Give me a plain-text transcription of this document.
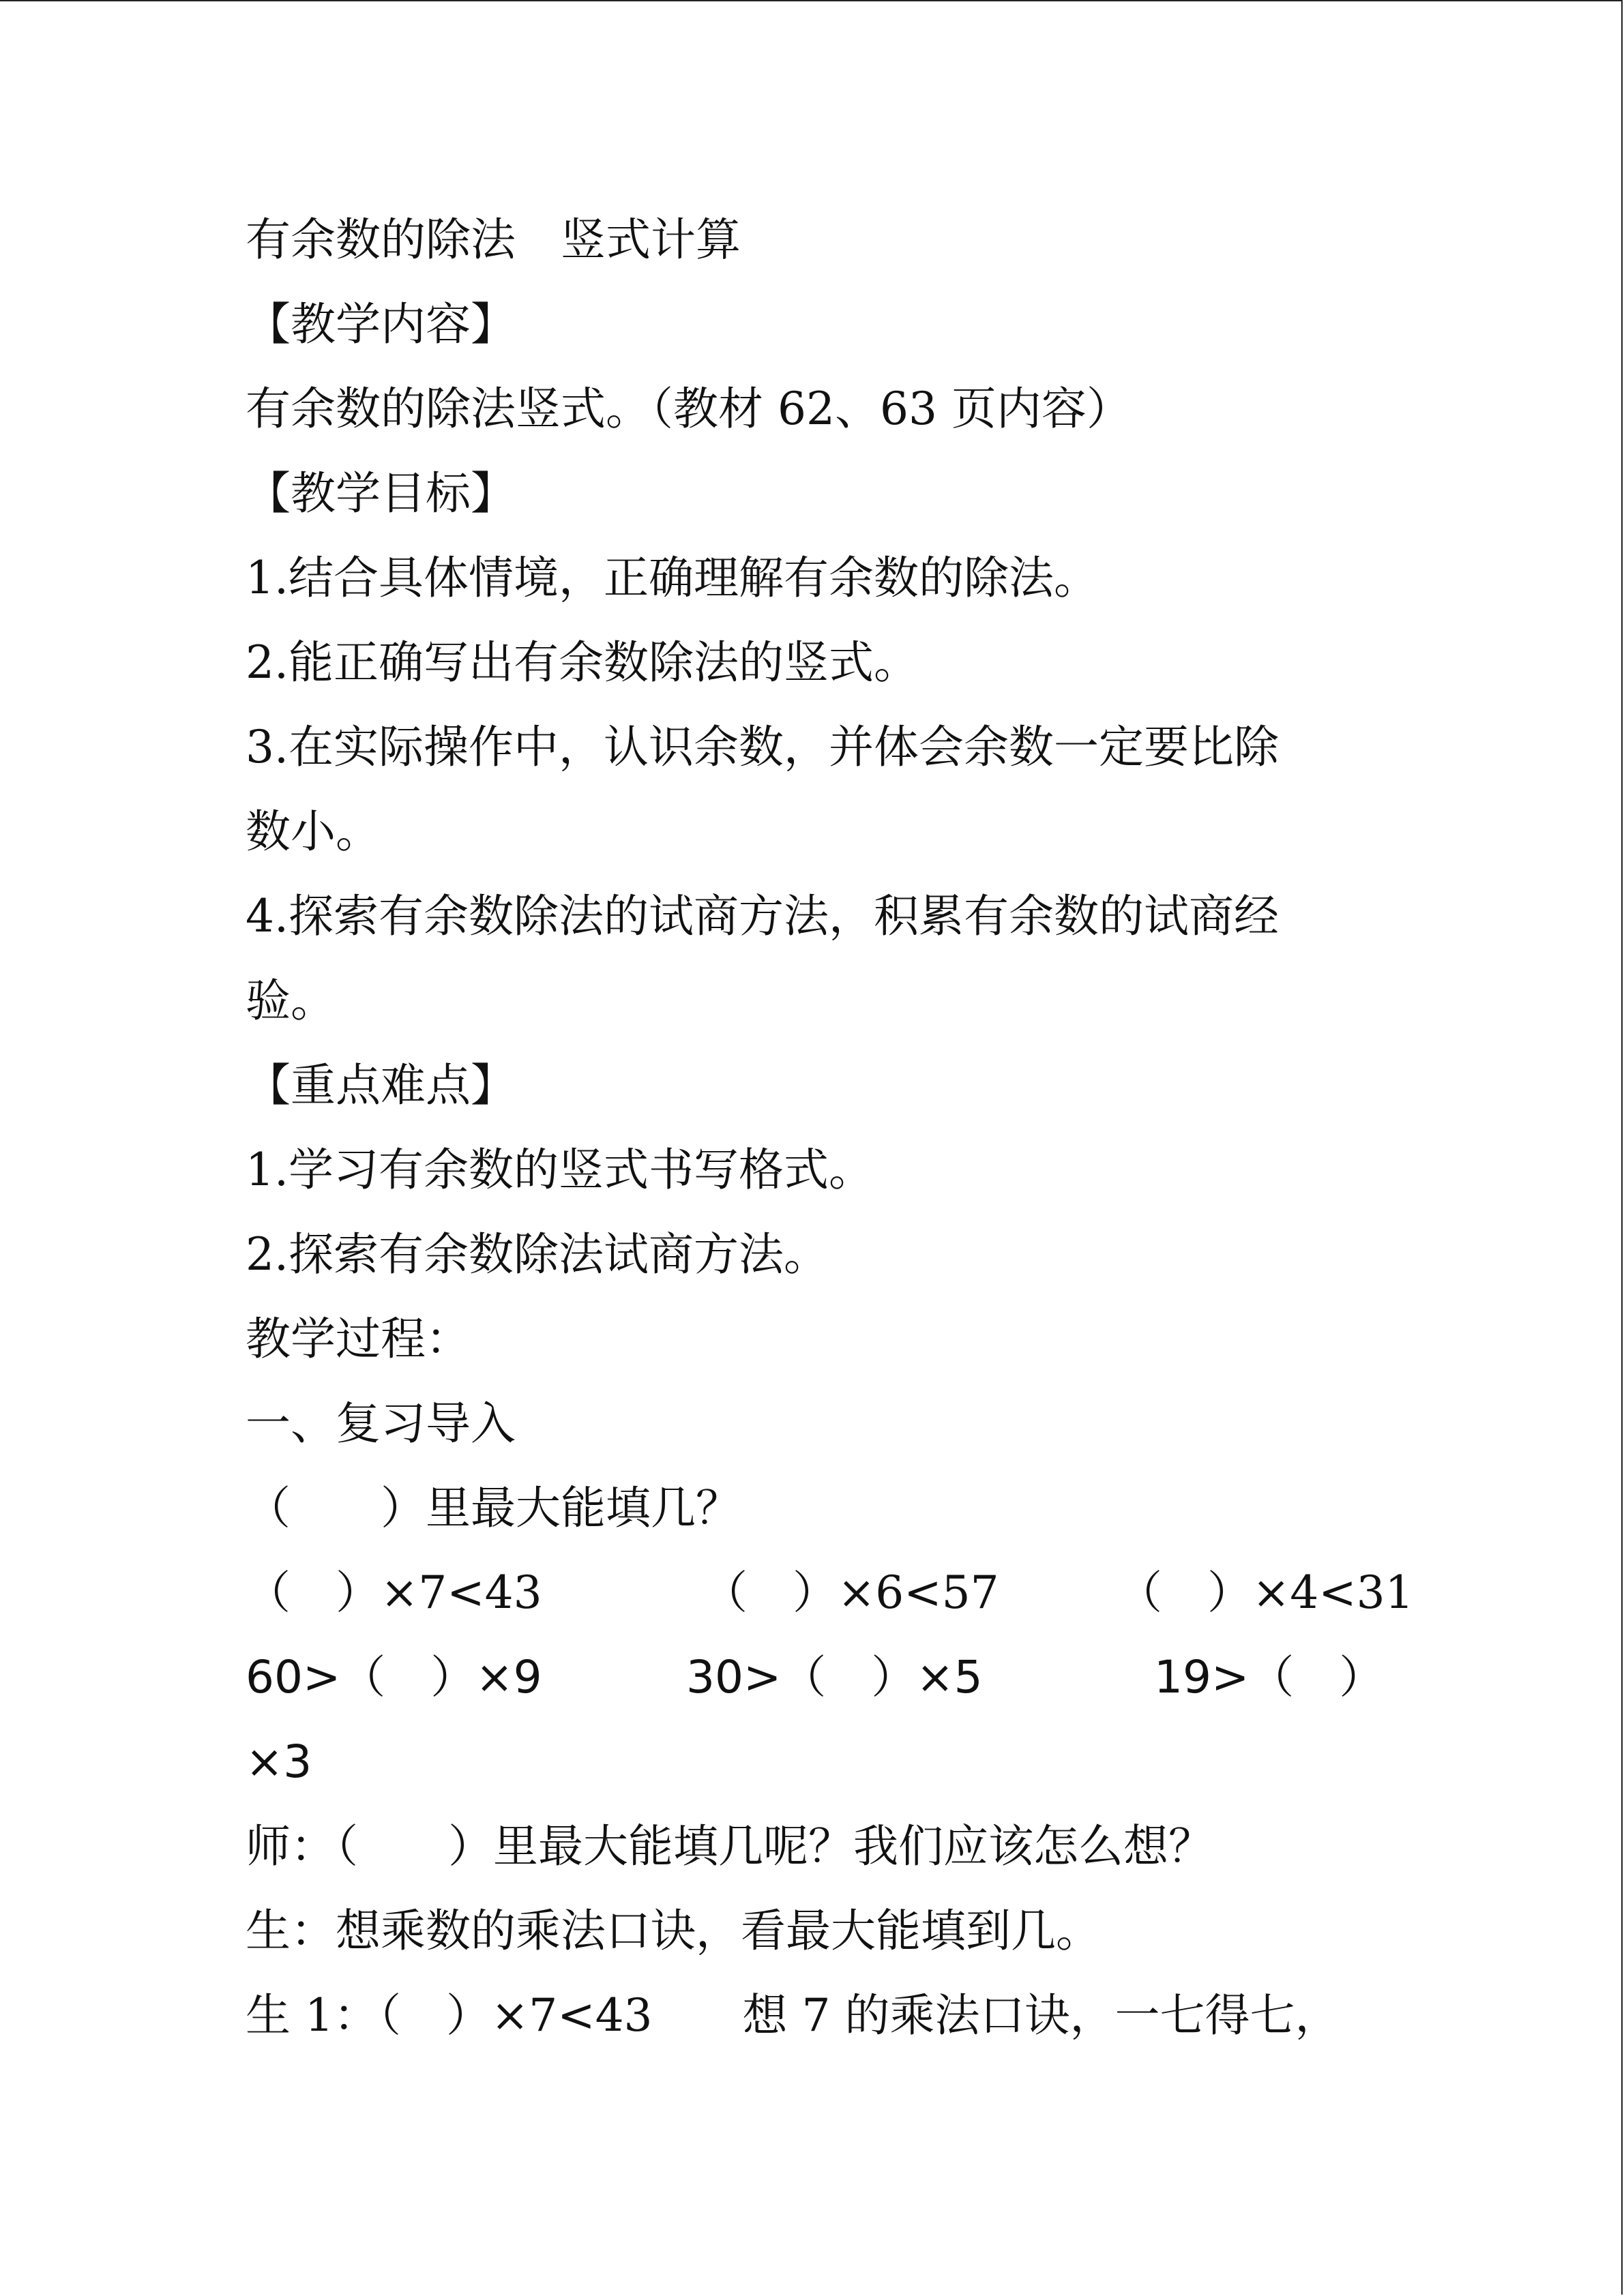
有余数的除法　竖式计算
【教学内容】
有余数的除法竖式。（教材 62、63 页内容）
【教学目标】
1.结合具体情境，正确理解有余数的除法。
2.能正确写出有余数除法的竖式。
3.在实际操作中，认识余数，并体会余数一定要比除
数小。
4.探索有余数除法的试商方法，积累有余数的试商经
验。
【重点难点】
1.学习有余数的竖式书写格式。
2.探索有余数除法试商方法。
教学过程：
一、复习导入
（　　）里最大能填几？
（　）×7<43	（　）×6<57	（　）×4<31
60>（　）×9	30>（　）×5	19>（　）
×3
师：（　　）里最大能填几呢？我们应该怎么想？
生：想乘数的乘法口诀，看最大能填到几。
生 1：（　）×7<43　　想 7 的乘法口诀，一七得七，
